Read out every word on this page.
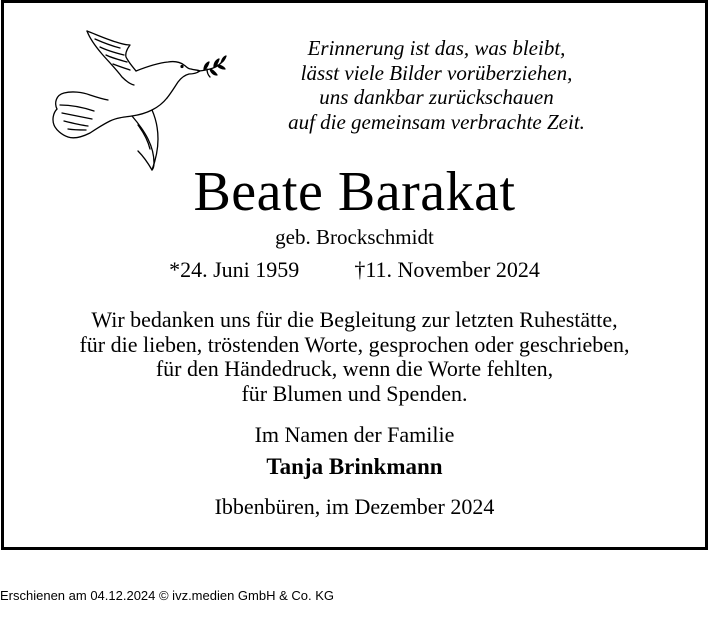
Erinnerung ist das, was bleibt,
lässt viele Bilder vorüberziehen,
uns dankbar zurückschauen
auf die gemeinsam verbrachte Zeit.
Beate Barakat
geb. Brockschmidt
*24. Juni 1959	†11. November 2024
Wir bedanken uns für die Begleitung zur letzten Ruhestätte,
für die lieben, tröstenden Worte, gesprochen oder geschrieben,
für den Händedruck, wenn die Worte fehlten,
für Blumen und Spenden.
Im Namen der Familie
Tanja Brinkmann
Ibbenbüren, im Dezember 2024
Erschienen am 04.12.2024 © ivz.medien GmbH & Co. KG
